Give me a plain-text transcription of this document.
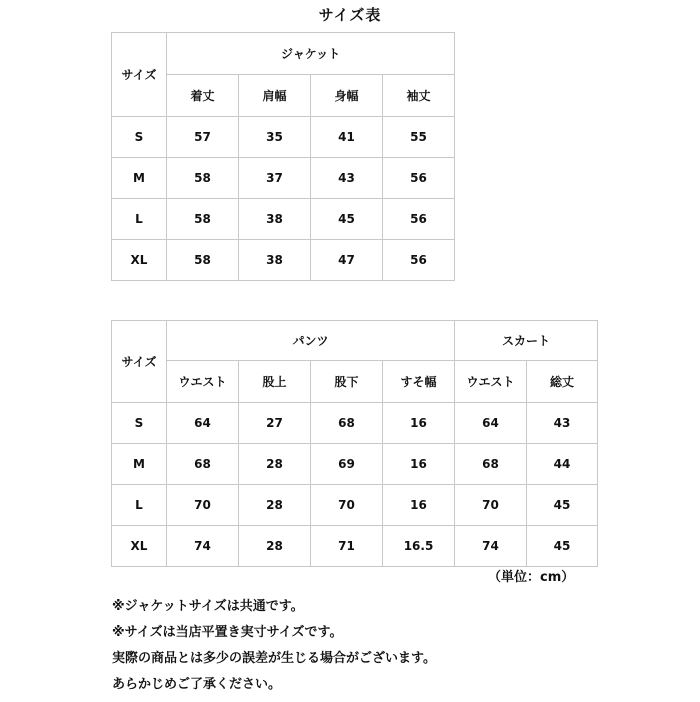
サイズ表
サイズ	ジャケット			
	着丈	肩幅	身幅	袖丈
S	57	35	41	55
M	58	37	43	56
L	58	38	45	56
XL	58	38	47	56
サイズ	パンツ				スカート	
	ウエスト	股上	股下	すそ幅	ウエスト	総丈
S	64	27	68	16	64	43
M	68	28	69	16	68	44
L	70	28	70	16	70	45
XL	74	28	71	16.5	74	45
（単位：cm）
※ジャケットサイズは共通です。
※サイズは当店平置き実寸サイズです。
実際の商品とは多少の誤差が生じる場合がございます。
あらかじめご了承ください。
